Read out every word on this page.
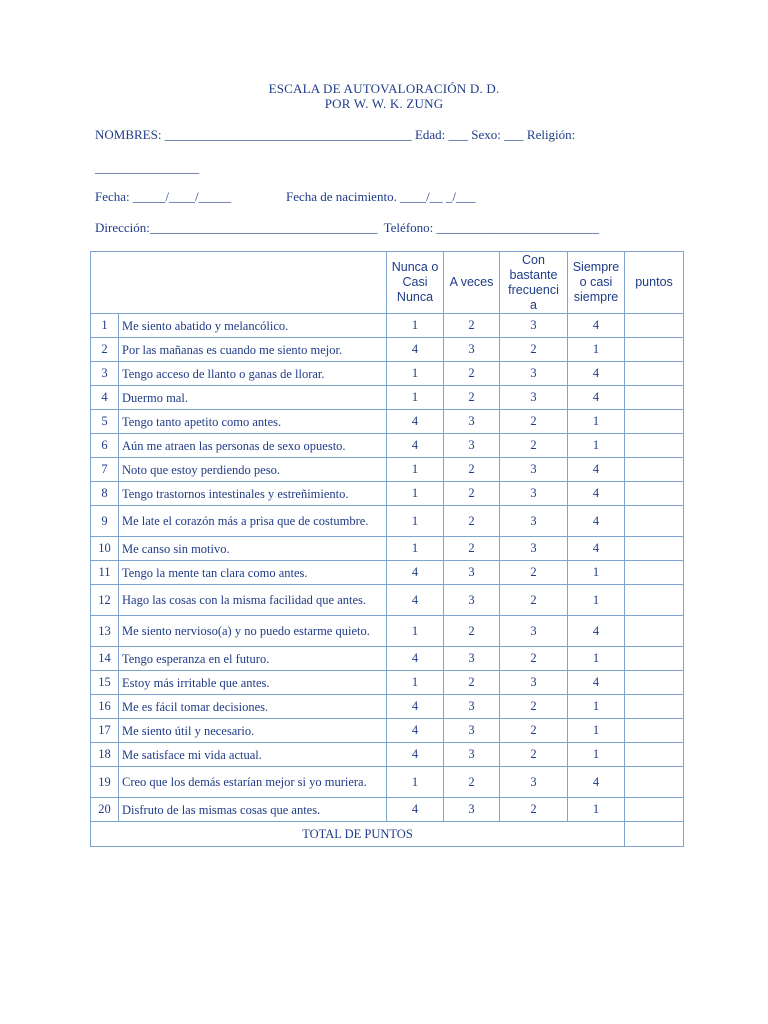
ESCALA DE AUTOVALORACIÓN D. D.
POR W. W. K. ZUNG
NOMBRES: ______________________________________ Edad: ___ Sexo: ___ Religión:
________________
Fecha: _____/____/_____	Fecha de nacimiento. ____/__ _/___
Dirección:___________________________________  Teléfono: _________________________
		Nunca o Casi Nunca	A veces	Con bastante frecuenci a	Siempre o casi siempre	puntos
1	Me siento abatido y melancólico.	1	2	3	4	
2	Por las mañanas es cuando me siento mejor.	4	3	2	1	
3	Tengo acceso de llanto o ganas de llorar.	1	2	3	4	
4	Duermo mal.	1	2	3	4	
5	Tengo tanto apetito como antes.	4	3	2	1	
6	Aún me atraen las personas de sexo opuesto.	4	3	2	1	
7	Noto que estoy perdiendo peso.	1	2	3	4	
8	Tengo trastornos intestinales y estreñimiento.	1	2	3	4	
9	Me late el corazón más a prisa que de costumbre.	1	2	3	4	
10	Me canso sin motivo.	1	2	3	4	
11	Tengo la mente tan clara como antes.	4	3	2	1	
12	Hago las cosas con la misma facilidad que antes.	4	3	2	1	
13	Me siento nervioso(a) y no puedo estarme quieto.	1	2	3	4	
14	Tengo esperanza en el futuro.	4	3	2	1	
15	Estoy más irritable que antes.	1	2	3	4	
16	Me es fácil tomar decisiones.	4	3	2	1	
17	Me siento útil y necesario.	4	3	2	1	
18	Me satisface mi vida actual.	4	3	2	1	
19	Creo que los demás estarían mejor si yo muriera.	1	2	3	4	
20	Disfruto de las mismas cosas que antes.	4	3	2	1	
TOTAL DE PUNTOS						
